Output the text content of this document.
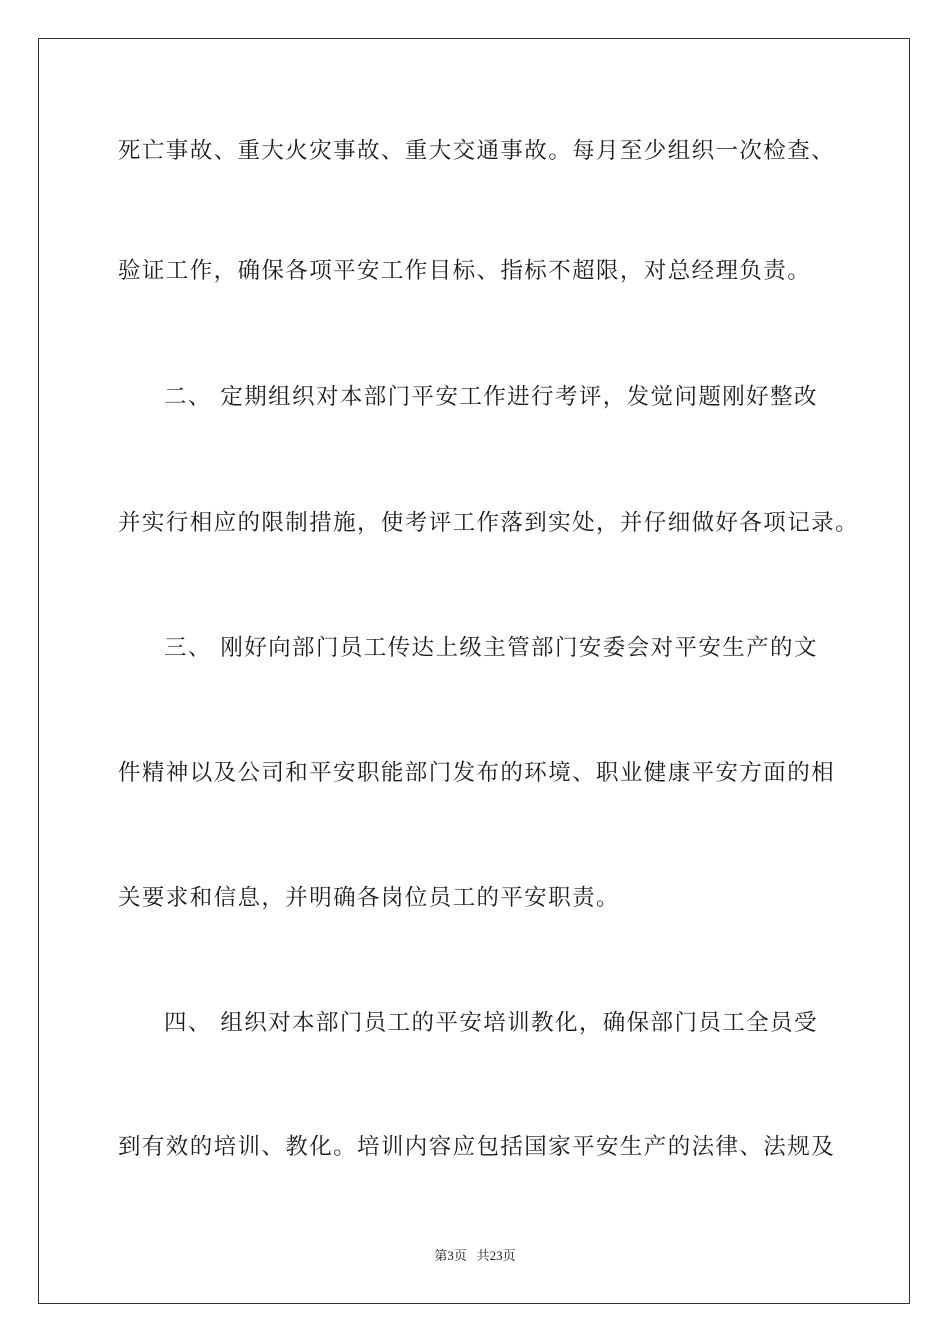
死亡事故、重大火灾事故、重大交通事故。每月至少组织一次检查、
验证工作，确保各项平安工作目标、指标不超限，对总经理负责。
二、 定期组织对本部门平安工作进行考评，发觉问题刚好整改
并实行相应的限制措施，使考评工作落到实处，并仔细做好各项记录。
三、 刚好向部门员工传达上级主管部门安委会对平安生产的文
件精神以及公司和平安职能部门发布的环境、职业健康平安方面的相
关要求和信息，并明确各岗位员工的平安职责。
四、 组织对本部门员工的平安培训教化，确保部门员工全员受
到有效的培训、教化。培训内容应包括国家平安生产的法律、法规及
第3页   共23页
